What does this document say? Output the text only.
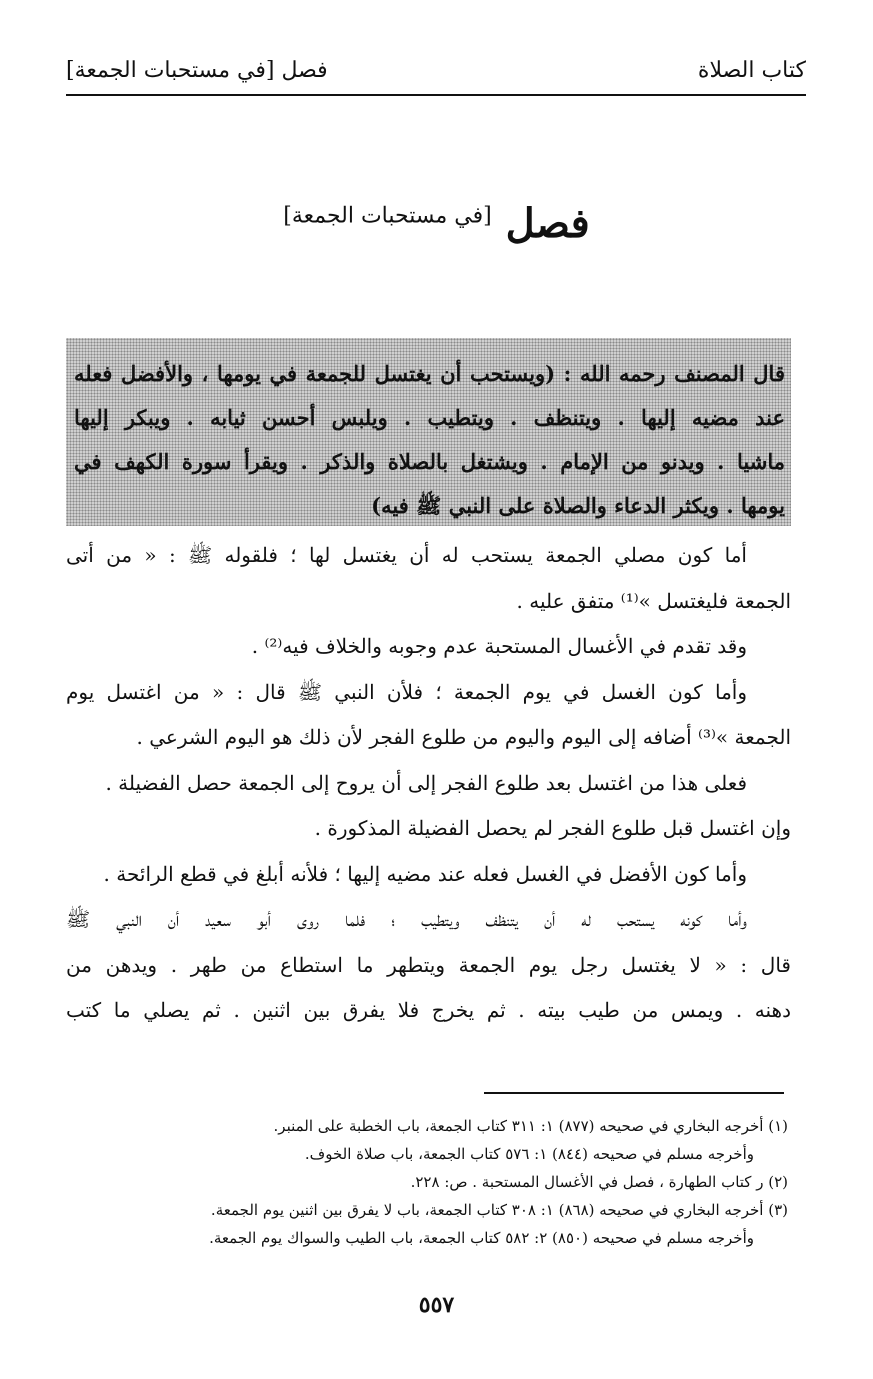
كتاب الصلاة
فصل [في مستحبات الجمعة]
فصل [في مستحبات الجمعة]
قال المصنف رحمه الله : (ويستحب أن يغتسل للجمعة في يومها ، والأفضل فعله
عند مضيه إليها . ويتنظف . ويتطيب . ويلبس أحسن ثيابه . ويبكر إليها
ماشيا . ويدنو من الإمام . ويشتغل بالصلاة والذكر . ويقرأ سورة الكهف في
يومها . ويكثر الدعاء والصلاة على النبي ﷺ فيه)
أما كون مصلي الجمعة يستحب له أن يغتسل لها ؛ فلقوله ﷺ : « من أتى
الجمعة فليغتسل »⁽¹⁾ متفق عليه .
وقد تقدم في الأغسال المستحبة عدم وجوبه والخلاف فيه⁽²⁾ .
وأما كون الغسل في يوم الجمعة ؛ فلأن النبي ﷺ قال : « من اغتسل يوم
الجمعة »⁽³⁾ أضافه إلى اليوم واليوم من طلوع الفجر لأن ذلك هو اليوم الشرعي .
فعلى هذا من اغتسل بعد طلوع الفجر إلى أن يروح إلى الجمعة حصل الفضيلة .
وإن اغتسل قبل طلوع الفجر لم يحصل الفضيلة المذكورة .
وأما كون الأفضل في الغسل فعله عند مضيه إليها ؛ فلأنه أبلغ في قطع الرائحة .
وأما كونه يستحب له أن يتنظف ويتطيب ؛ فلما روى أبو سعيد أن النبي ﷺ
قال : « لا يغتسل رجل يوم الجمعة ويتطهر ما استطاع من طهر . ويدهن من
دهنه . ويمس من طيب بيته . ثم يخرج فلا يفرق بين اثنين . ثم يصلي ما كتب
(١) أخرجه البخاري في صحيحه (٨٧٧) ١: ٣١١ كتاب الجمعة، باب الخطبة على المنبر.
وأخرجه مسلم في صحيحه (٨٤٤) ١: ٥٧٦ كتاب الجمعة، باب صلاة الخوف.
(٢) ر كتاب الطهارة ، فصل في الأغسال المستحبة . ص: ٢٢٨.
(٣) أخرجه البخاري في صحيحه (٨٦٨) ١: ٣٠٨ كتاب الجمعة، باب لا يفرق بين اثنين يوم الجمعة.
وأخرجه مسلم في صحيحه (٨٥٠) ٢: ٥٨٢ كتاب الجمعة، باب الطيب والسواك يوم الجمعة.
٥٥٧
